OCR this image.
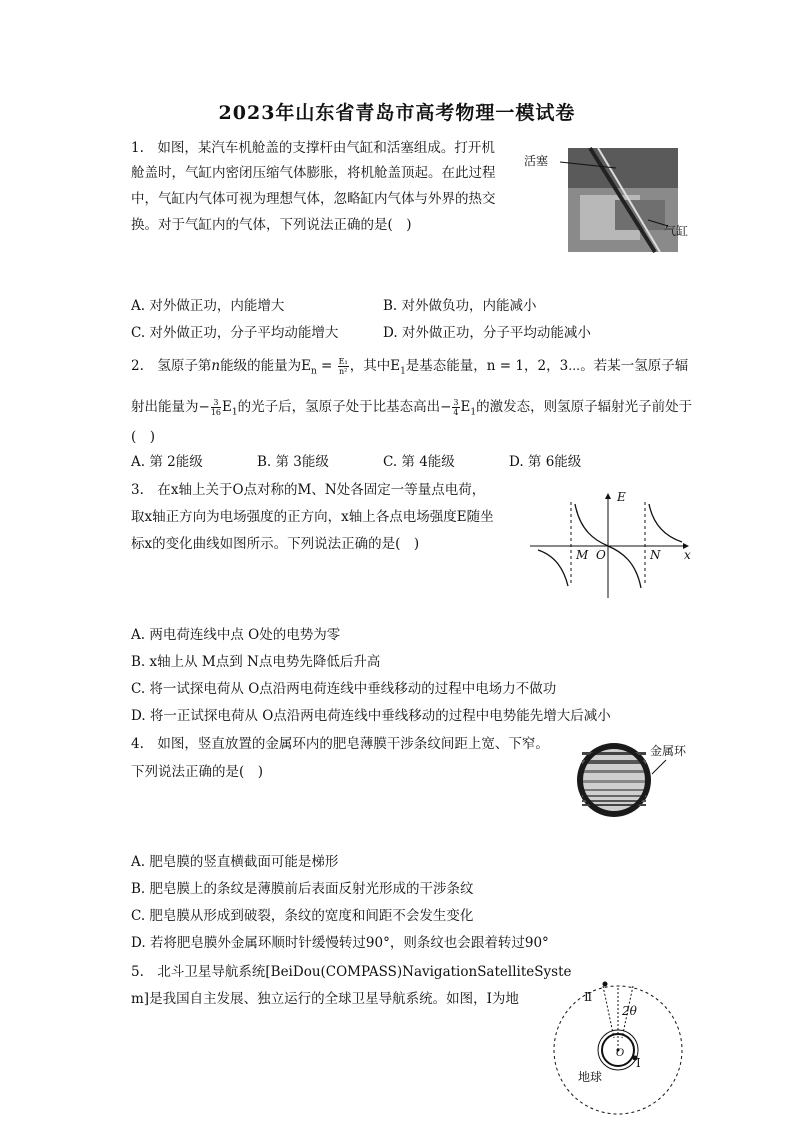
2023年山东省青岛市高考物理一模试卷
1.　如图，某汽车机舱盖的支撑杆由气缸和活塞组成。打开机
舱盖时，气缸内密闭压缩气体膨胀，将机舱盖顶起。在此过程
中，气缸内气体可视为理想气体，忽略缸内气体与外界的热交
换。对于气缸内的气体，下列说法正确的是(　)
活塞
气缸
A. 对外做正功，内能增大	B. 对外做负功，内能减小
C. 对外做正功，分子平均动能增大	D. 对外做正功，分子平均动能减小
2.　氢原子第n能级的能量为$E_n = \frac{\text{E₁}}{\text{n²}}$ ，其中$E_1$是基态能量，n = 1，2，3⋯。若某一氢原子辐
射出能量为− $\frac{3}{16} E_1$的光子后，氢原子处于比基态高出− $\frac{3}{4} E_1$的激发态，则氢原子辐射光子前处于
(　)
A. 第 2能级	B. 第 3能级	C. 第 4能级	D. 第 6能级
3.　在x轴上关于O点对称的M、N处各固定一等量点电荷，
取x轴正方向为电场强度的正方向，x轴上各点电场强度E随坐
标x的变化曲线如图所示。下列说法正确的是(　)
E
M O	N x
A. 两电荷连线中点 O处的电势为零
B. x轴上从 M点到 N点电势先降低后升高
C. 将一试探电荷从 O点沿两电荷连线中垂线移动的过程中电场力不做功
D. 将一正试探电荷从 O点沿两电荷连线中垂线移动的过程中电势能先增大后减小
4.　如图，竖直放置的金属环内的肥皂薄膜干涉条纹间距上宽、下窄。
下列说法正确的是(　)
金属环
A. 肥皂膜的竖直横截面可能是梯形
B. 肥皂膜上的条纹是薄膜前后表面反射光形成的干涉条纹
C. 肥皂膜从形成到破裂，条纹的宽度和间距不会发生变化
D. 若将肥皂膜外金属环顺时针缓慢转过90°，则条纹也会跟着转过90°
5.　北斗卫星导航系统[BeiDou(COMPASS)NavigationSatelliteSyste
m]是我国自主发展、独立运行的全球卫星导航系统。如图，Ⅰ为地	Ⅱ
2θ
O
Ⅰ
地球
